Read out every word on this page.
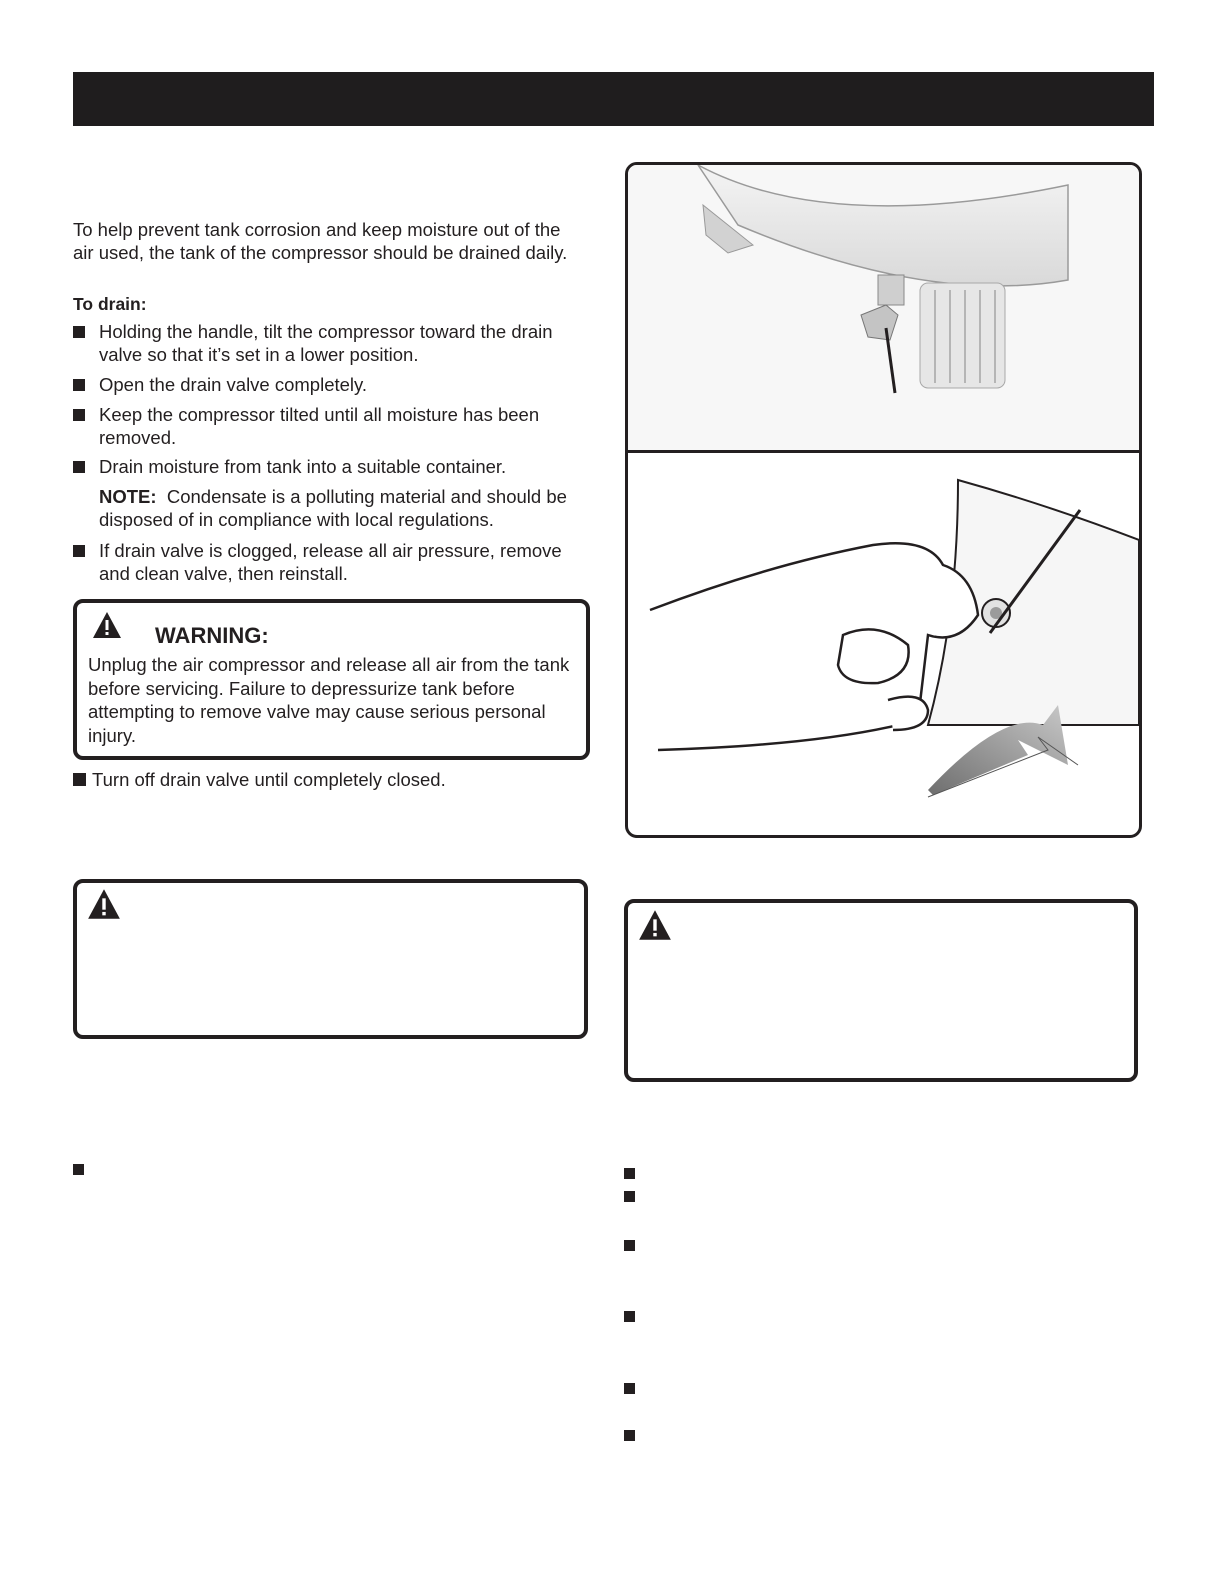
To help prevent tank corrosion and keep moisture out of the air used, the tank of the compressor should be drained daily.

To drain:

Holding the handle, tilt the compressor toward the drain valve so that it’s set in a lower position.
Open the drain valve completely.
Keep the compressor tilted until all moisture has been removed.
Drain moisture from tank into a suitable container.
NOTE: Condensate is a polluting material and should be disposed of in compliance with local regulations.
If drain valve is clogged, release all air pressure, remove and clean valve, then reinstall.
WARNING:
Unplug the air compressor and release all air from the tank before servicing. Failure to depressurize tank before attempting to remove valve may cause serious personal injury.
Turn off drain valve until completely closed.
